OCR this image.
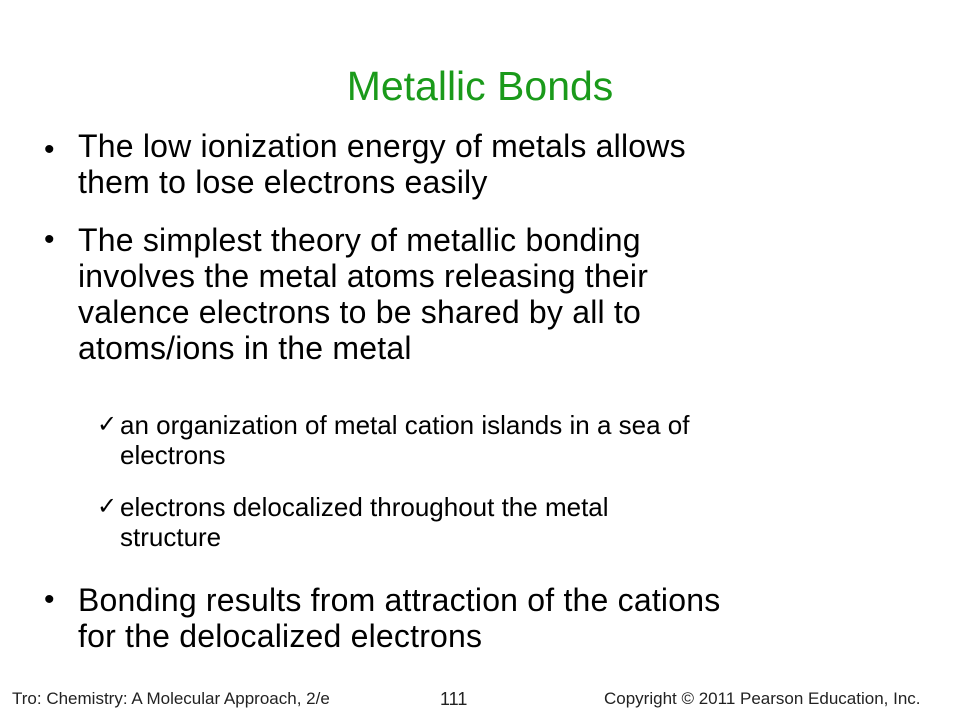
Metallic Bonds
• The low ionization energy of metals allows
them to lose electrons easily
• The simplest theory of metallic bonding
involves the metal atoms releasing their
valence electrons to be shared by all to
atoms/ions in the metal
✓ an organization of metal cation islands in a sea of
electrons
✓ electrons delocalized throughout the metal
structure
• Bonding results from attraction of the cations
for the delocalized electrons
Tro: Chemistry: A Molecular Approach, 2/e	111	Copyright © 2011 Pearson Education, Inc.
